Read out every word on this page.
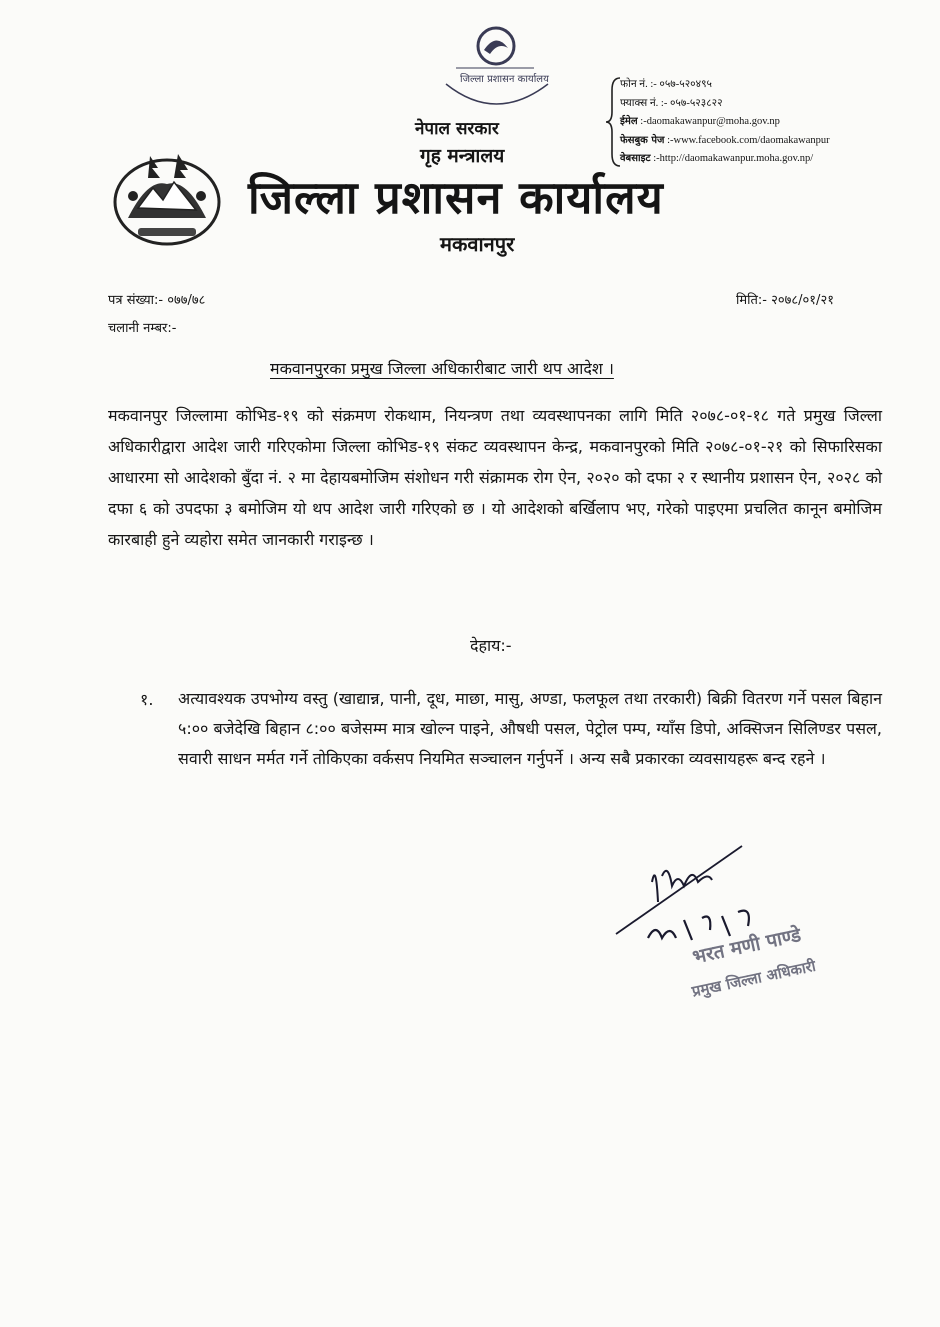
जिल्ला प्रशासन कार्यालय
नेपाल सरकार
गृह मन्त्रालय
जिल्ला प्रशासन कार्यालय
मकवानपुर
फोन नं. :- ०५७-५२०४९५
फ्याक्स नं. :- ०५७-५२३८२२
ईमेल :-daomakawanpur@moha.gov.np
फेसबुक पेज :-www.facebook.com/daomakawanpur
वेबसाइट :-http://daomakawanpur.moha.gov.np/
पत्र संख्या:- ०७७/७८
चलानी नम्बर:-
मिति:- २०७८/०१/२१
मकवानपुरका प्रमुख जिल्ला अधिकारीबाट जारी थप आदेश ।
मकवानपुर जिल्लामा कोभिड-१९ को संक्रमण रोकथाम, नियन्त्रण तथा व्यवस्थापनका लागि मिति २०७८-०१-१८ गते प्रमुख जिल्ला अधिकारीद्वारा आदेश जारी गरिएकोमा जिल्ला कोभिड-१९ संकट व्यवस्थापन केन्द्र, मकवानपुरको मिति २०७८-०१-२१ को सिफारिसका आधारमा सो आदेशको बुँदा नं. २ मा देहायबमोजिम संशोधन गरी संक्रामक रोग ऐन, २०२० को दफा २ र स्थानीय प्रशासन ऐन, २०२८ को दफा ६ को उपदफा ३ बमोजिम यो थप आदेश जारी गरिएको छ । यो आदेशको बर्खिलाप भए, गरेको पाइएमा प्रचलित कानून बमोजिम कारबाही हुने व्यहोरा समेत जानकारी गराइन्छ ।
देहाय:-
१. अत्यावश्यक उपभोग्य वस्तु (खाद्यान्न, पानी, दूध, माछा, मासु, अण्डा, फलफूल तथा तरकारी) बिक्री वितरण गर्ने पसल बिहान ५:०० बजेदेखि बिहान ८:०० बजेसम्म मात्र खोल्न पाइने, औषधी पसल, पेट्रोल पम्प, ग्याँस डिपो, अक्सिजन सिलिण्डर पसल, सवारी साधन मर्मत गर्ने तोकिएका वर्कसप नियमित सञ्चालन गर्नुपर्ने । अन्य सबै प्रकारका व्यवसायहरू बन्द रहने ।
भरत मणी पाण्डे
प्रमुख जिल्ला अधिकारी
